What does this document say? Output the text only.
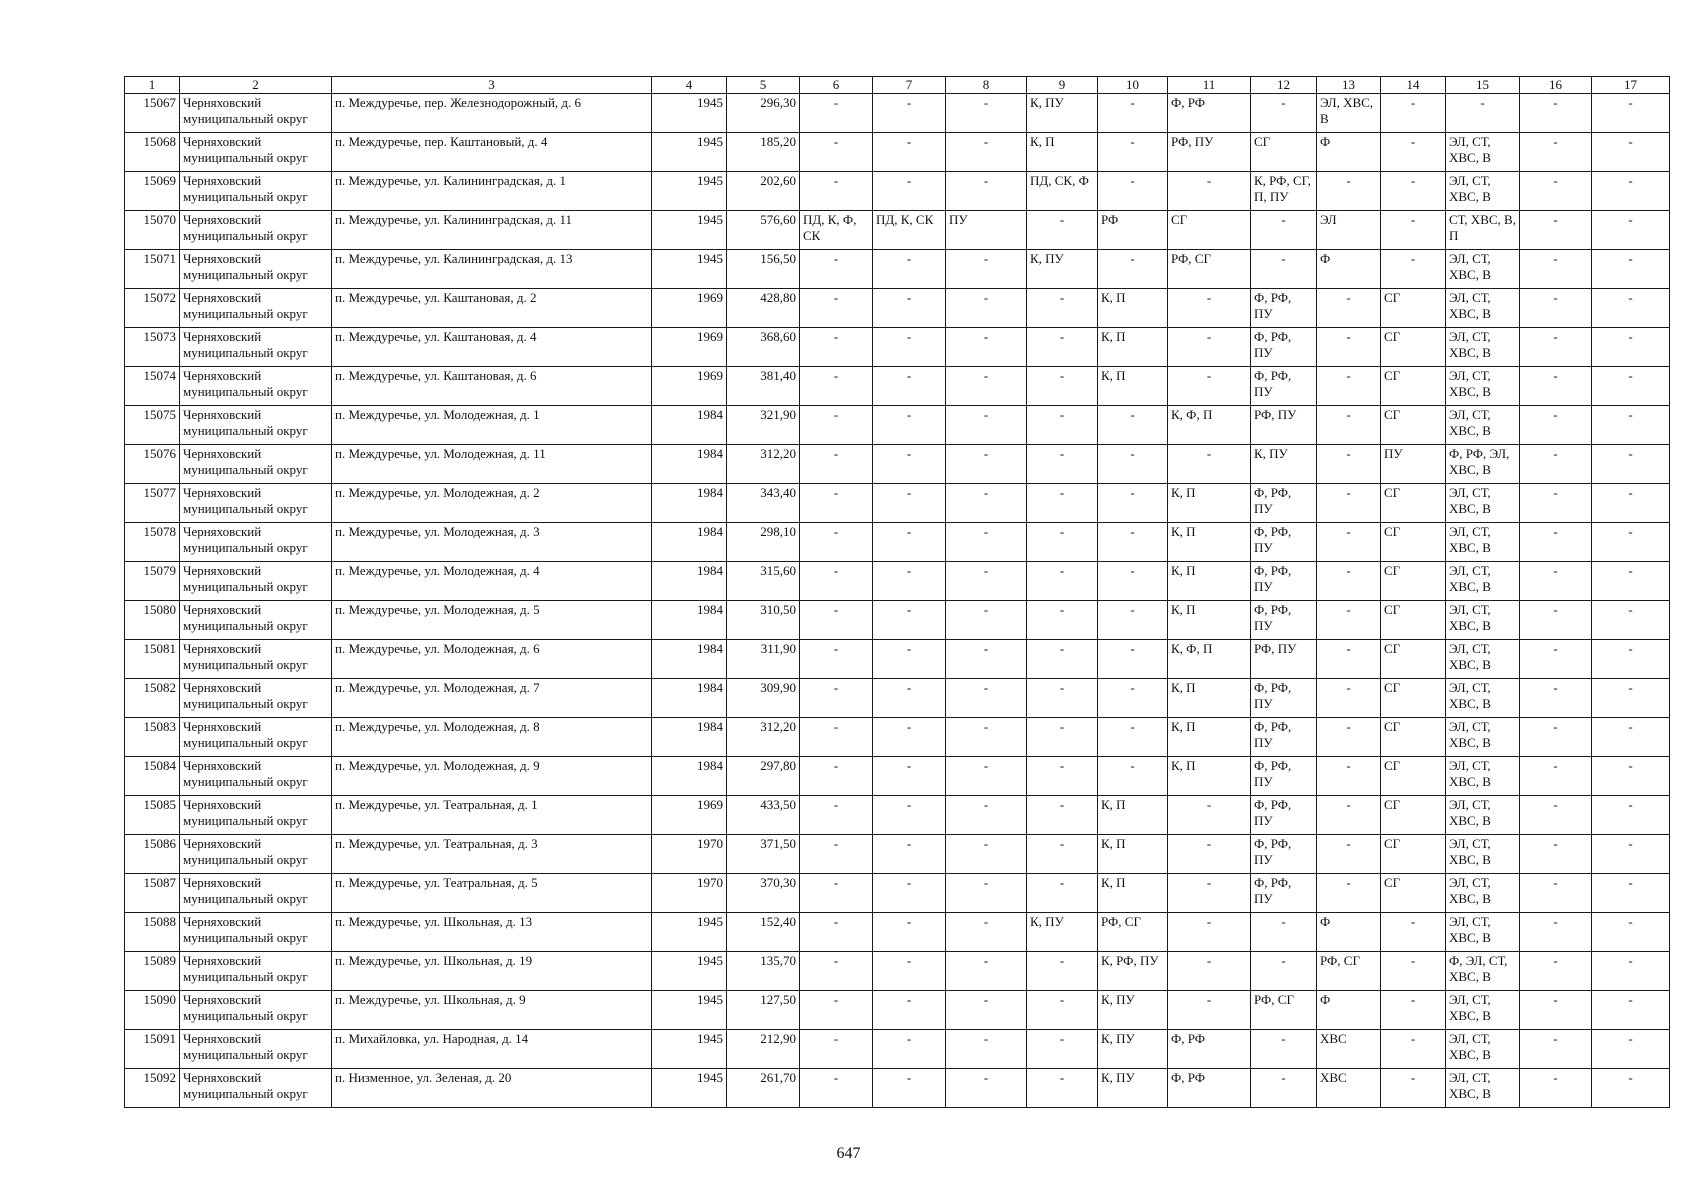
1	2	3	4	5	6	7	8	9	10	11	12	13	14	15	16	17
15067	Черняховский муниципальный округ	п. Междуречье, пер. Железнодорожный, д. 6	1945	296,30	-	-	-	К, ПУ	-	Ф, РФ	-	ЭЛ, ХВС, В	-	-	-	-
15068	Черняховский муниципальный округ	п. Междуречье, пер. Каштановый, д. 4	1945	185,20	-	-	-	К, П	-	РФ, ПУ	СГ	Ф	-	ЭЛ, СТ, ХВС, В	-	-
15069	Черняховский муниципальный округ	п. Междуречье, ул. Калининградская, д. 1	1945	202,60	-	-	-	ПД, СК, Ф	-	-	К, РФ, СГ, П, ПУ	-	-	ЭЛ, СТ, ХВС, В	-	-
15070	Черняховский муниципальный округ	п. Междуречье, ул. Калининградская, д. 11	1945	576,60	ПД, К, Ф, СК	ПД, К, СК	ПУ	-	РФ	СГ	-	ЭЛ	-	СТ, ХВС, В, П	-	-
15071	Черняховский муниципальный округ	п. Междуречье, ул. Калининградская, д. 13	1945	156,50	-	-	-	К, ПУ	-	РФ, СГ	-	Ф	-	ЭЛ, СТ, ХВС, В	-	-
15072	Черняховский муниципальный округ	п. Междуречье, ул. Каштановая, д. 2	1969	428,80	-	-	-	-	К, П	-	Ф, РФ, ПУ	-	СГ	ЭЛ, СТ, ХВС, В	-	-
15073	Черняховский муниципальный округ	п. Междуречье, ул. Каштановая, д. 4	1969	368,60	-	-	-	-	К, П	-	Ф, РФ, ПУ	-	СГ	ЭЛ, СТ, ХВС, В	-	-
15074	Черняховский муниципальный округ	п. Междуречье, ул. Каштановая, д. 6	1969	381,40	-	-	-	-	К, П	-	Ф, РФ, ПУ	-	СГ	ЭЛ, СТ, ХВС, В	-	-
15075	Черняховский муниципальный округ	п. Междуречье, ул. Молодежная, д. 1	1984	321,90	-	-	-	-	-	К, Ф, П	РФ, ПУ	-	СГ	ЭЛ, СТ, ХВС, В	-	-
15076	Черняховский муниципальный округ	п. Междуречье, ул. Молодежная, д. 11	1984	312,20	-	-	-	-	-	-	К, ПУ	-	ПУ	Ф, РФ, ЭЛ, ХВС, В	-	-
15077	Черняховский муниципальный округ	п. Междуречье, ул. Молодежная, д. 2	1984	343,40	-	-	-	-	-	К, П	Ф, РФ, ПУ	-	СГ	ЭЛ, СТ, ХВС, В	-	-
15078	Черняховский муниципальный округ	п. Междуречье, ул. Молодежная, д. 3	1984	298,10	-	-	-	-	-	К, П	Ф, РФ, ПУ	-	СГ	ЭЛ, СТ, ХВС, В	-	-
15079	Черняховский муниципальный округ	п. Междуречье, ул. Молодежная, д. 4	1984	315,60	-	-	-	-	-	К, П	Ф, РФ, ПУ	-	СГ	ЭЛ, СТ, ХВС, В	-	-
15080	Черняховский муниципальный округ	п. Междуречье, ул. Молодежная, д. 5	1984	310,50	-	-	-	-	-	К, П	Ф, РФ, ПУ	-	СГ	ЭЛ, СТ, ХВС, В	-	-
15081	Черняховский муниципальный округ	п. Междуречье, ул. Молодежная, д. 6	1984	311,90	-	-	-	-	-	К, Ф, П	РФ, ПУ	-	СГ	ЭЛ, СТ, ХВС, В	-	-
15082	Черняховский муниципальный округ	п. Междуречье, ул. Молодежная, д. 7	1984	309,90	-	-	-	-	-	К, П	Ф, РФ, ПУ	-	СГ	ЭЛ, СТ, ХВС, В	-	-
15083	Черняховский муниципальный округ	п. Междуречье, ул. Молодежная, д. 8	1984	312,20	-	-	-	-	-	К, П	Ф, РФ, ПУ	-	СГ	ЭЛ, СТ, ХВС, В	-	-
15084	Черняховский муниципальный округ	п. Междуречье, ул. Молодежная, д. 9	1984	297,80	-	-	-	-	-	К, П	Ф, РФ, ПУ	-	СГ	ЭЛ, СТ, ХВС, В	-	-
15085	Черняховский муниципальный округ	п. Междуречье, ул. Театральная, д. 1	1969	433,50	-	-	-	-	К, П	-	Ф, РФ, ПУ	-	СГ	ЭЛ, СТ, ХВС, В	-	-
15086	Черняховский муниципальный округ	п. Междуречье, ул. Театральная, д. 3	1970	371,50	-	-	-	-	К, П	-	Ф, РФ, ПУ	-	СГ	ЭЛ, СТ, ХВС, В	-	-
15087	Черняховский муниципальный округ	п. Междуречье, ул. Театральная, д. 5	1970	370,30	-	-	-	-	К, П	-	Ф, РФ, ПУ	-	СГ	ЭЛ, СТ, ХВС, В	-	-
15088	Черняховский муниципальный округ	п. Междуречье, ул. Школьная, д. 13	1945	152,40	-	-	-	К, ПУ	РФ, СГ	-	-	Ф	-	ЭЛ, СТ, ХВС, В	-	-
15089	Черняховский муниципальный округ	п. Междуречье, ул. Школьная, д. 19	1945	135,70	-	-	-	-	К, РФ, ПУ	-	-	РФ, СГ	-	Ф, ЭЛ, СТ, ХВС, В	-	-
15090	Черняховский муниципальный округ	п. Междуречье, ул. Школьная, д. 9	1945	127,50	-	-	-	-	К, ПУ	-	РФ, СГ	Ф	-	ЭЛ, СТ, ХВС, В	-	-
15091	Черняховский муниципальный округ	п. Михайловка, ул. Народная, д. 14	1945	212,90	-	-	-	-	К, ПУ	Ф, РФ	-	ХВС	-	ЭЛ, СТ, ХВС, В	-	-
15092	Черняховский муниципальный округ	п. Низменное, ул. Зеленая, д. 20	1945	261,70	-	-	-	-	К, ПУ	Ф, РФ	-	ХВС	-	ЭЛ, СТ, ХВС, В	-	-
647
